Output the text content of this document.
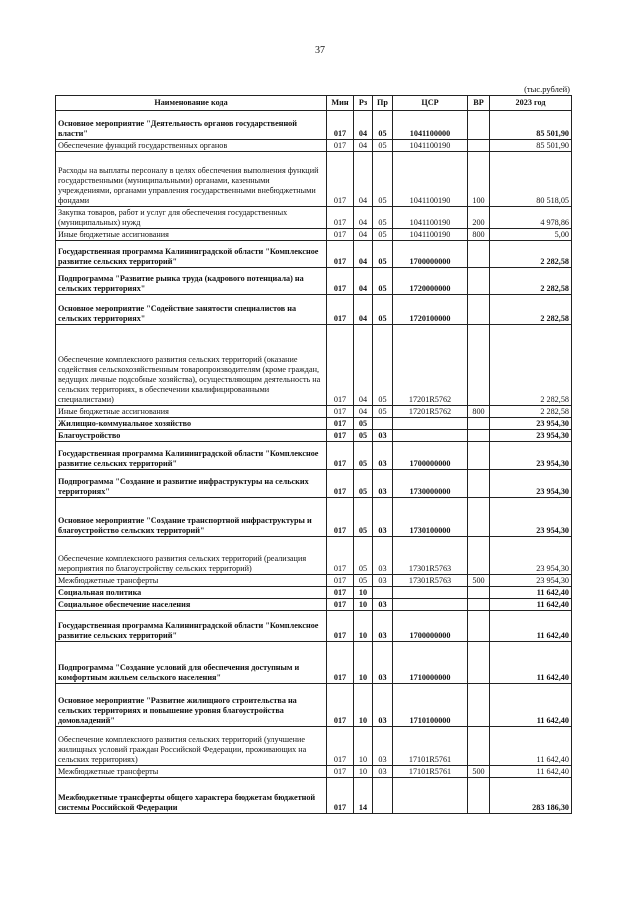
37
(тыс.рублей)
Наименование кода	Мин	Рз	Пр	ЦСР	ВР	2023 год
Основное мероприятие "Деятельность органов государственной власти"	017	04	05	1041100000		85 501,90
Обеспечение функций государственных органов	017	04	05	1041100190		85 501,90
Расходы на выплаты персоналу в целях обеспечения выполнения функций государственными (муниципальными) органами, казенными учреждениями, органами управления государственными внебюджетными фондами	017	04	05	1041100190	100	80 518,05
Закупка товаров, работ и услуг для обеспечения государственных (муниципальных) нужд	017	04	05	1041100190	200	4 978,86
Иные бюджетные ассигнования	017	04	05	1041100190	800	5,00
Государственная программа Калининградской области "Комплексное развитие сельских территорий"	017	04	05	1700000000		2 282,58
Подпрограмма "Развитие рынка труда (кадрового потенциала) на сельских территориях"	017	04	05	1720000000		2 282,58
Основное мероприятие "Содействие занятости специалистов на сельских территориях"	017	04	05	1720100000		2 282,58
Обеспечение комплексного развития сельских территорий (оказание содействия сельскохозяйственным товаропроизводителям (кроме граждан, ведущих личные подсобные хозяйства), осуществляющим деятельность на сельских территориях, в обеспечении квалифицированными специалистами)	017	04	05	17201R5762		2 282,58
Иные бюджетные ассигнования	017	04	05	17201R5762	800	2 282,58
Жилищно-коммунальное хозяйство	017	05				23 954,30
Благоустройство	017	05	03			23 954,30
Государственная программа Калининградской области "Комплексное развитие сельских территорий"	017	05	03	1700000000		23 954,30
Подпрограмма "Создание и развитие инфраструктуры на сельских территориях"	017	05	03	1730000000		23 954,30
Основное мероприятие "Создание транспортной инфраструктуры и благоустройство сельских территорий"	017	05	03	1730100000		23 954,30
Обеспечение комплексного развития сельских территорий (реализация мероприятия по благоустройству сельских территорий)	017	05	03	17301R5763		23 954,30
Межбюджетные трансферты	017	05	03	17301R5763	500	23 954,30
Социальная политика	017	10				11 642,40
Социальное обеспечение населения	017	10	03			11 642,40
Государственная программа Калининградской области "Комплексное развитие сельских территорий"	017	10	03	1700000000		11 642,40
Подпрограмма "Создание условий для обеспечения доступным и комфортным жильем сельского населения"	017	10	03	1710000000		11 642,40
Основное мероприятие "Развитие жилищного строительства на сельских территориях и повышение уровня благоустройства домовладений"	017	10	03	1710100000		11 642,40
Обеспечение комплексного развития сельских территорий (улучшение жилищных условий граждан Российской Федерации, проживающих на сельских территориях)	017	10	03	17101R5761		11 642,40
Межбюджетные трансферты	017	10	03	17101R5761	500	11 642,40
Межбюджетные трансферты общего характера бюджетам бюджетной системы Российской Федерации	017	14				283 186,30
